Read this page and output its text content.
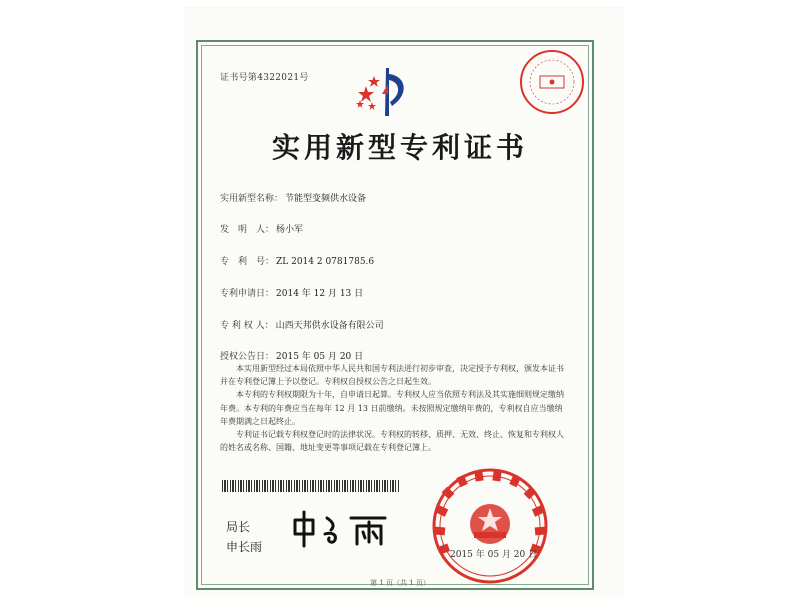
证书号第4322021号
实用新型专利证书
实用新型名称： 节能型变频供水设备
发　明　人： 杨小军
专　利　号： ZL 2014 2 0781785.6
专利申请日： 2014 年 12 月 13 日
专 利 权 人： 山西天邦供水设备有限公司
授权公告日： 2015 年 05 月 20 日

本实用新型经过本局依照中华人民共和国专利法进行初步审查，决定授予专利权，颁发本证书并在专利登记簿上予以登记。专利权自授权公告之日起生效。

本专利的专利权期限为十年，自申请日起算。专利权人应当依照专利法及其实施细则规定缴纳年费。本专利的年费应当在每年 12 月 13 日前缴纳。未按照规定缴纳年费的，专利权自应当缴纳年费期满之日起终止。

专利证书记载专利权登记时的法律状况。专利权的转移、质押、无效、终止、恢复和专利权人的姓名或名称、国籍、地址变更等事项记载在专利登记簿上。

局长
申长雨
2015 年 05 月 20 日
第 1 页（共 1 页）
